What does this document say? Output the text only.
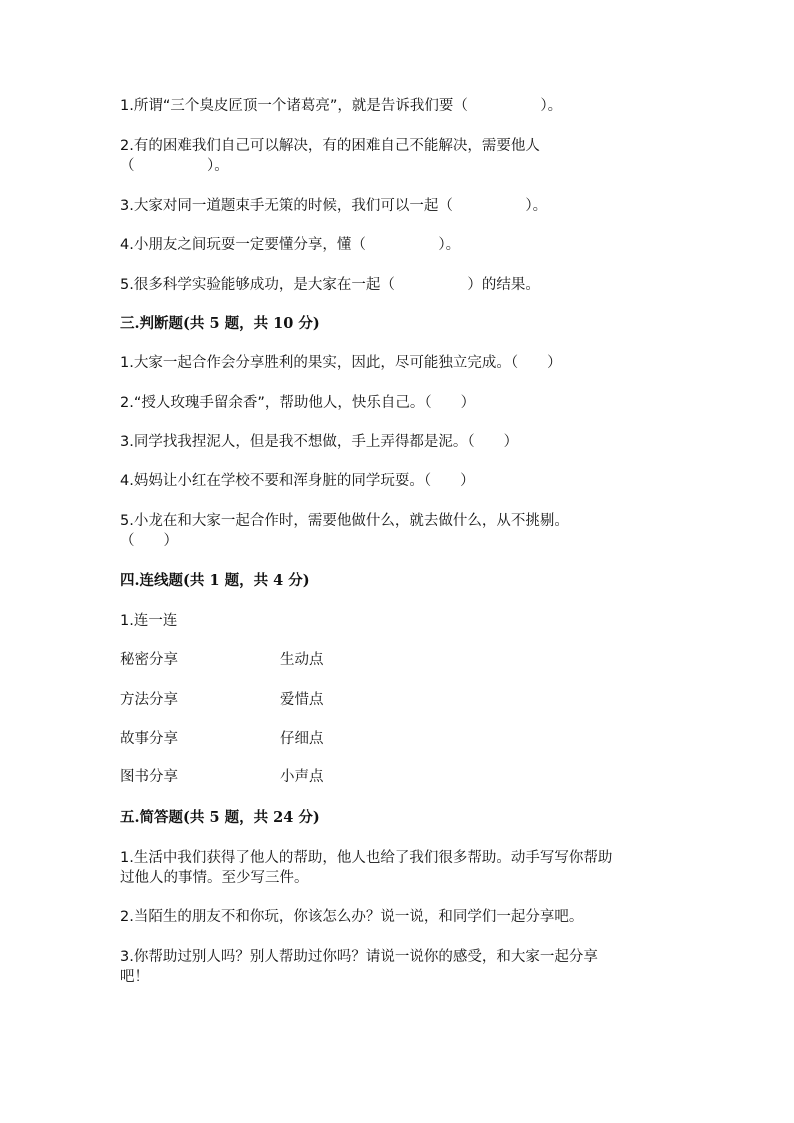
1.所谓“三个臭皮匠顶一个诸葛亮”，就是告诉我们要（　　　　　）。
2.有的困难我们自己可以解决，有的困难自己不能解决，需要他人
（　　　　　）。
3.大家对同一道题束手无策的时候，我们可以一起（　　　　　）。
4.小朋友之间玩耍一定要懂分享，懂（　　　　　）。
5.很多科学实验能够成功，是大家在一起（　　　　　）的结果。
三.判断题(共 5 题，共 10 分)
1.大家一起合作会分享胜利的果实，因此，尽可能独立完成。（　　）
2.“授人玫瑰手留余香”，帮助他人，快乐自己。（　　）
3.同学找我捏泥人，但是我不想做，手上弄得都是泥。（　　）
4.妈妈让小红在学校不要和浑身脏的同学玩耍。（　　）
5.小龙在和大家一起合作时，需要他做什么，就去做什么，从不挑剔。
（　　）
四.连线题(共 1 题，共 4 分)
1.连一连
秘密分享	生动点
方法分享	爱惜点
故事分享	仔细点
图书分享	小声点
五.简答题(共 5 题，共 24 分)
1.生活中我们获得了他人的帮助，他人也给了我们很多帮助。动手写写你帮助
过他人的事情。至少写三件。
2.当陌生的朋友不和你玩，你该怎么办？说一说，和同学们一起分享吧。
3.你帮助过别人吗？别人帮助过你吗？请说一说你的感受，和大家一起分享
吧！
